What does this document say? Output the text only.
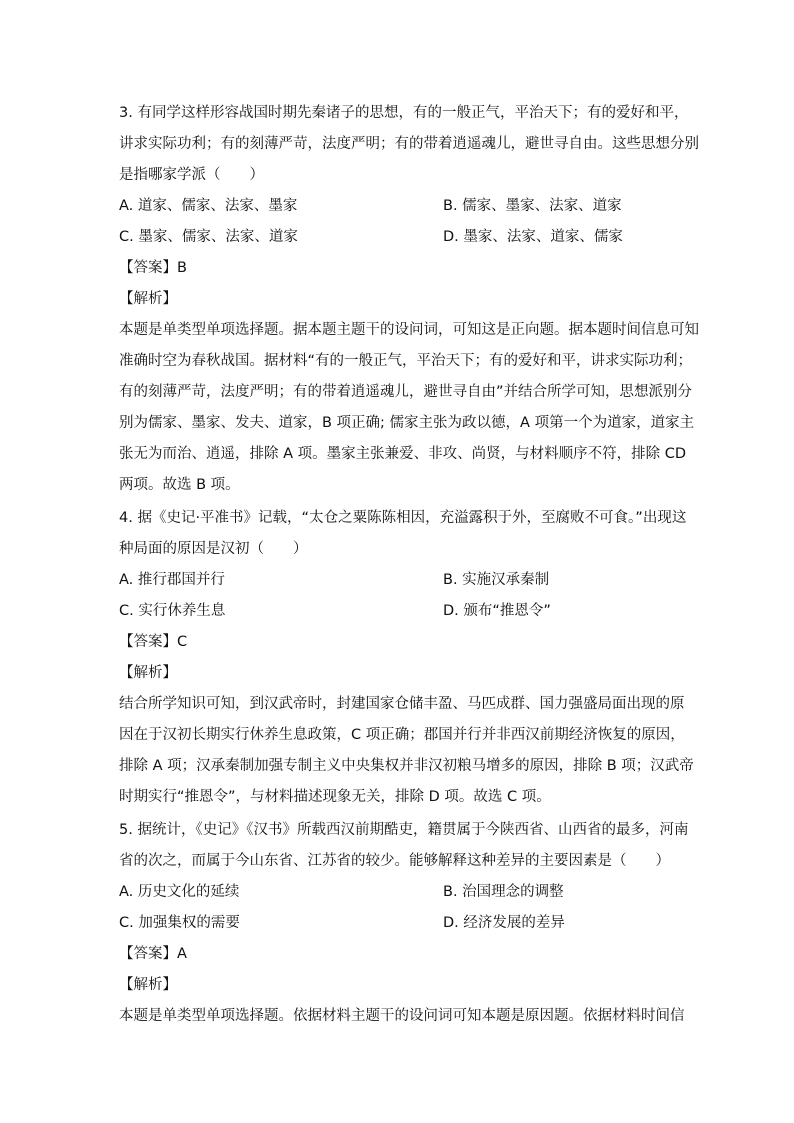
3. 有同学这样形容战国时期先秦诸子的思想，有的一般正气，平治天下；有的爱好和平，
讲求实际功利；有的刻薄严苛，法度严明；有的带着逍遥魂儿，避世寻自由。这些思想分别
是指哪家学派（　　）
A. 道家、儒家、法家、墨家	B. 儒家、墨家、法家、道家
C. 墨家、儒家、法家、道家	D. 墨家、法家、道家、儒家
【答案】B
【解析】
本题是单类型单项选择题。据本题主题干的设问词，可知这是正向题。据本题时间信息可知
准确时空为春秋战国。据材料“有的一般正气，平治天下；有的爱好和平，讲求实际功利；
有的刻薄严苛，法度严明；有的带着逍遥魂儿，避世寻自由”并结合所学可知，思想派别分
别为儒家、墨家、发夫、道家，B 项正确; 儒家主张为政以德，A 项第一个为道家，道家主
张无为而治、逍遥，排除 A 项。墨家主张兼爱、非攻、尚贤，与材料顺序不符，排除 CD
两项。故选 B 项。
4. 据《史记·平准书》记载，“太仓之粟陈陈相因，充溢露积于外，至腐败不可食。”出现这
种局面的原因是汉初（　　）
A. 推行郡国并行	B. 实施汉承秦制
C. 实行休养生息	D. 颁布“推恩令”
【答案】C
【解析】
结合所学知识可知，到汉武帝时，封建国家仓储丰盈、马匹成群、国力强盛局面出现的原
因在于汉初长期实行休养生息政策，C 项正确；郡国并行并非西汉前期经济恢复的原因，
排除 A 项；汉承秦制加强专制主义中央集权并非汉初粮马增多的原因，排除 B 项；汉武帝
时期实行“推恩令”，与材料描述现象无关，排除 D 项。故选 C 项。
5. 据统计，《史记》《汉书》所载西汉前期酷吏，籍贯属于今陕西省、山西省的最多，河南
省的次之，而属于今山东省、江苏省的较少。能够解释这种差异的主要因素是（　　）
A. 历史文化的延续	B. 治国理念的调整
C. 加强集权的需要	D. 经济发展的差异
【答案】A
【解析】
本题是单类型单项选择题。依据材料主题干的设问词可知本题是原因题。依据材料时间信
